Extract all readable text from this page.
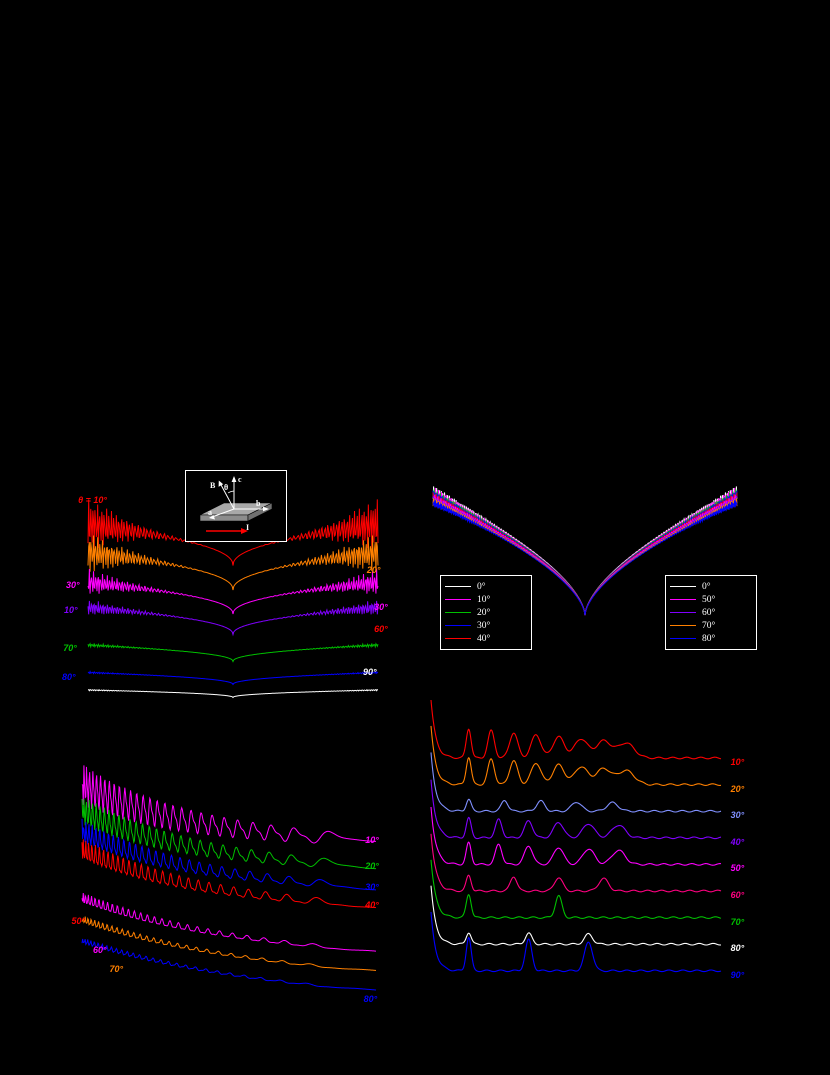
B θ
c
a
b
I
θ = 10°
30°
10°
70°
80°
20°
30°
60°
90°
0°
10°
20°
30°
40°
0°
50°
60°
70°
80°
10°
20°
30°
40°
50°
60°
70°
80°
10°
20°
30°
40°
50°
60°
70°
80°
90°
